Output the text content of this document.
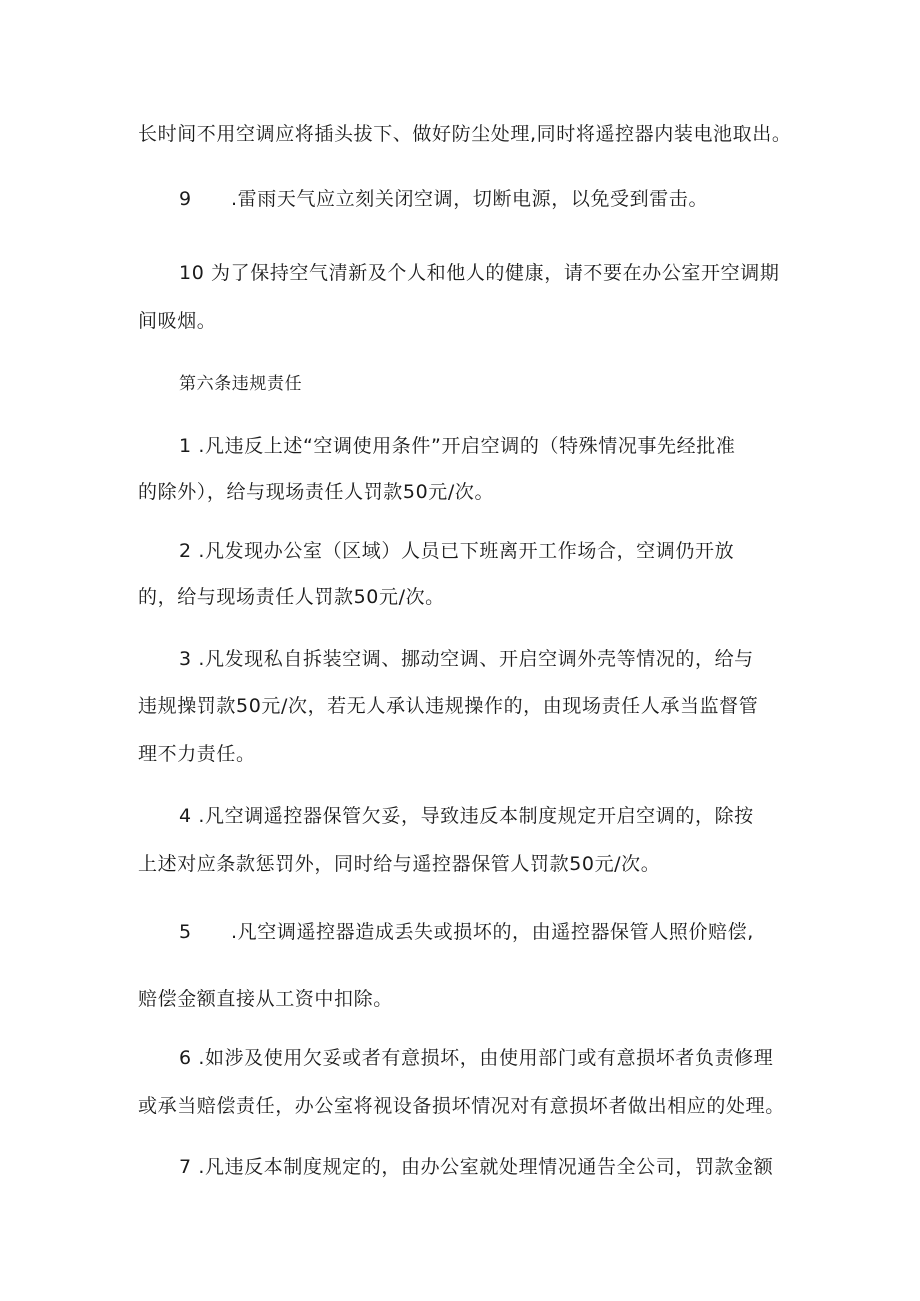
长时间不用空调应将插头拔下、做好防尘处理,同时将遥控器内装电池取出。
9 .雷雨天气应立刻关闭空调，切断电源，以免受到雷击。
10 为了保持空气清新及个人和他人的健康，请不要在办公室开空调期
间吸烟。
第六条违规责任
1 .凡违反上述“空调使用条件”开启空调的（特殊情况事先经批准
的除外），给与现场责任人罚款50元/次。
2 .凡发现办公室（区域）人员已下班离开工作场合，空调仍开放
的，给与现场责任人罚款50元/次。
3 .凡发现私自拆装空调、挪动空调、开启空调外壳等情况的，给与
违规操罚款50元/次，若无人承认违规操作的，由现场责任人承当监督管
理不力责任。
4 .凡空调遥控器保管欠妥，导致违反本制度规定开启空调的，除按
上述对应条款惩罚外，同时给与遥控器保管人罚款50元/次。
5 .凡空调遥控器造成丢失或损坏的，由遥控器保管人照价赔偿,
赔偿金额直接从工资中扣除。
6 .如涉及使用欠妥或者有意损坏，由使用部门或有意损坏者负责修理
或承当赔偿责任，办公室将视设备损坏情况对有意损坏者做出相应的处理。
7 .凡违反本制度规定的，由办公室就处理情况通告全公司，罚款金额
